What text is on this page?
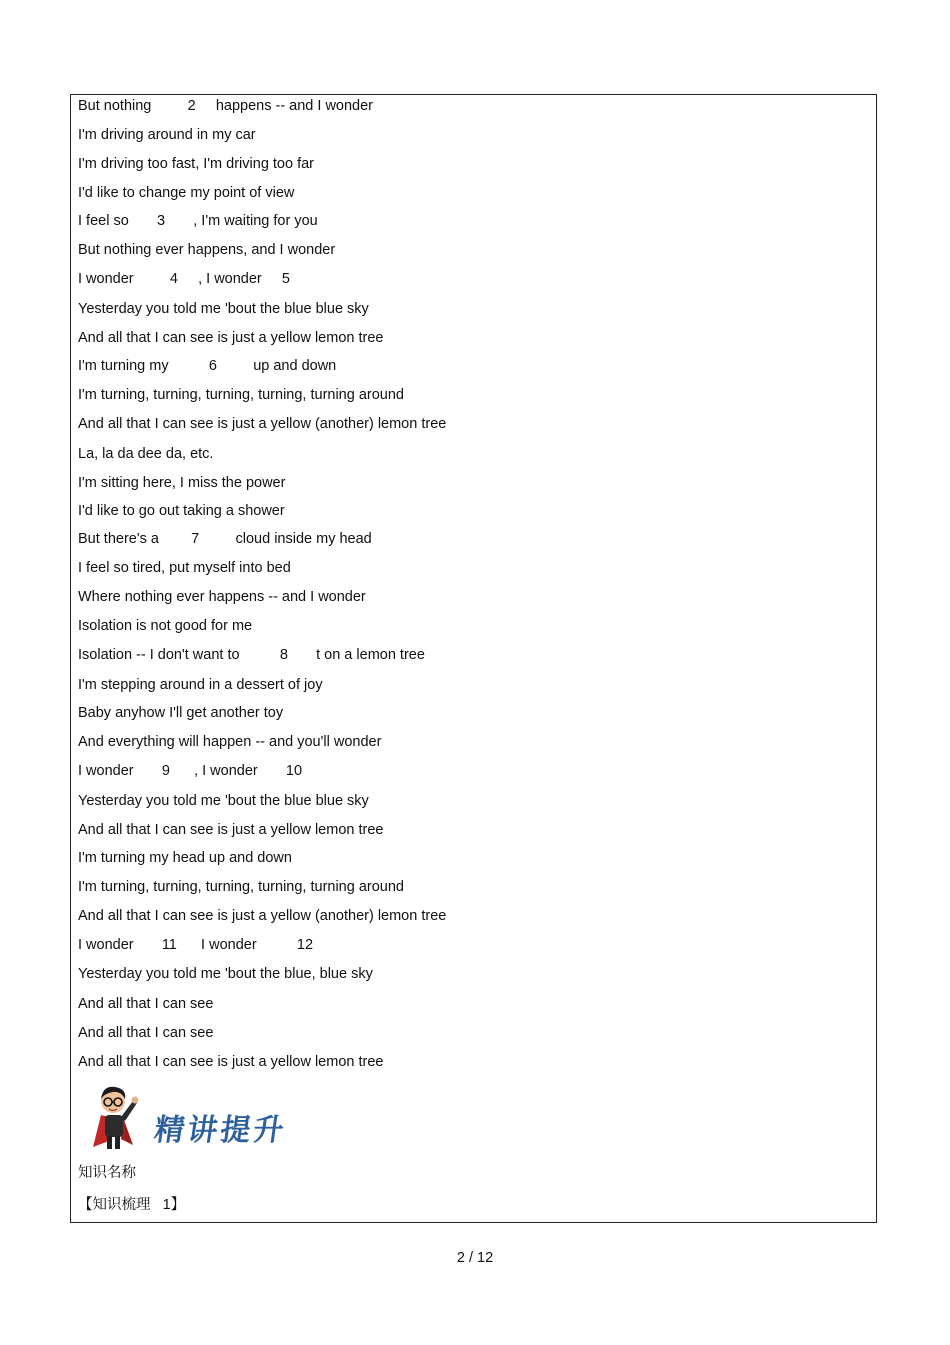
But nothing         2     happens -- and I wonder
I'm driving around in my car
I'm driving too fast, I'm driving too far
I'd like to change my point of view
I feel so       3       , I'm waiting for you
But nothing ever happens, and I wonder
I wonder         4     , I wonder     5
Yesterday you told me 'bout the blue blue sky
And all that I can see is just a yellow lemon tree
I'm turning my          6         up and down
I'm turning, turning, turning, turning, turning around
And all that I can see is just a yellow (another) lemon tree
La, la da dee da, etc.
I'm sitting here, I miss the power
I'd like to go out taking a shower
But there's a        7         cloud inside my head
I feel so tired, put myself into bed
Where nothing ever happens -- and I wonder
Isolation is not good for me
Isolation -- I don't want to          8       t on a lemon tree
I'm stepping around in a dessert of joy
Baby anyhow I'll get another toy
And everything will happen -- and you'll wonder
I wonder       9      , I wonder       10
Yesterday you told me 'bout the blue blue sky
And all that I can see is just a yellow lemon tree
I'm turning my head up and down
I'm turning, turning, turning, turning, turning around
And all that I can see is just a yellow (another) lemon tree
I wonder       11      I wonder          12
Yesterday you told me 'bout the blue, blue sky
And all that I can see
And all that I can see
And all that I can see is just a yellow lemon tree
精讲提升
知识名称
【知识梳理   1】
2 / 12
